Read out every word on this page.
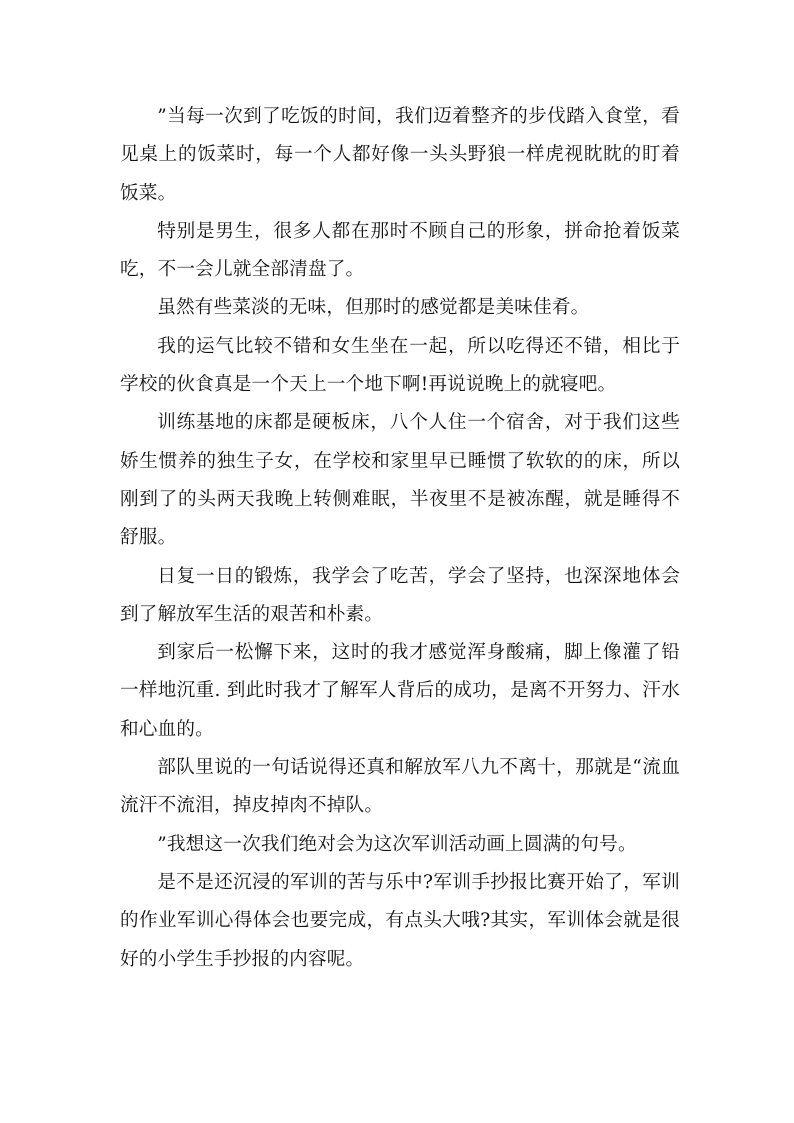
”当每一次到了吃饭的时间，我们迈着整齐的步伐踏入食堂，看见桌上的饭菜时，每一个人都好像一头头野狼一样虎视眈眈的盯着饭菜。

特别是男生，很多人都在那时不顾自己的形象，拼命抢着饭菜吃，不一会儿就全部清盘了。

虽然有些菜淡的无味，但那时的感觉都是美味佳肴。

我的运气比较不错和女生坐在一起，所以吃得还不错，相比于学校的伙食真是一个天上一个地下啊!再说说晚上的就寝吧。

训练基地的床都是硬板床，八个人住一个宿舍，对于我们这些娇生惯养的独生子女，在学校和家里早已睡惯了软软的的床，所以刚到了的头两天我晚上转侧难眠，半夜里不是被冻醒，就是睡得不舒服。

日复一日的锻炼，我学会了吃苦，学会了坚持，也深深地体会到了解放军生活的艰苦和朴素。

到家后一松懈下来，这时的我才感觉浑身酸痛，脚上像灌了铅一样地沉重. 到此时我才了解军人背后的成功，是离不开努力、汗水和心血的。

部队里说的一句话说得还真和解放军八九不离十，那就是“流血流汗不流泪，掉皮掉肉不掉队。

”我想这一次我们绝对会为这次军训活动画上圆满的句号。

是不是还沉浸的军训的苦与乐中?军训手抄报比赛开始了，军训的作业军训心得体会也要完成，有点头大哦?其实，军训体会就是很好的小学生手抄报的内容呢。
